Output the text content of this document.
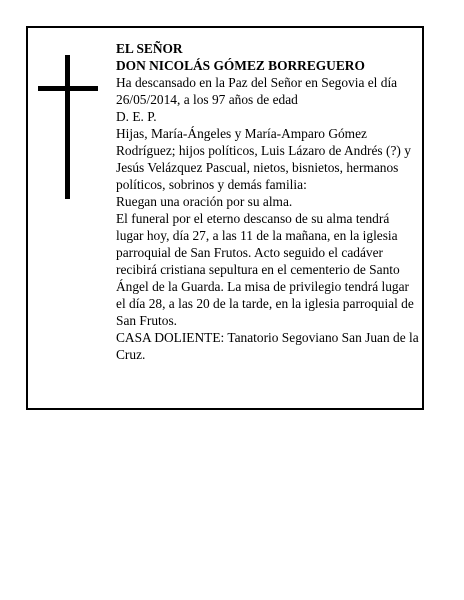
EL SEÑOR
DON NICOLÁS GÓMEZ BORREGUERO

Ha descansado en la Paz del Señor en Segovia el día 26/05/2014, a los 97 años de edad

D. E. P.

Hijas, María-Ángeles y María-Amparo Gómez Rodríguez; hijos políticos, Luis Lázaro de Andrés (?) y Jesús Velázquez Pascual, nietos, bisnietos, hermanos políticos, sobrinos y demás familia:

Ruegan una oración por su alma.

El funeral por el eterno descanso de su alma tendrá lugar hoy, día 27, a las 11 de la mañana, en la iglesia parroquial de San Frutos. Acto seguido el cadáver recibirá cristiana sepultura en el cementerio de Santo Ángel de la Guarda. La misa de privilegio tendrá lugar el día 28, a las 20 de la tarde, en la iglesia parroquial de San Frutos.

CASA DOLIENTE: Tanatorio Segoviano San Juan de la Cruz.
